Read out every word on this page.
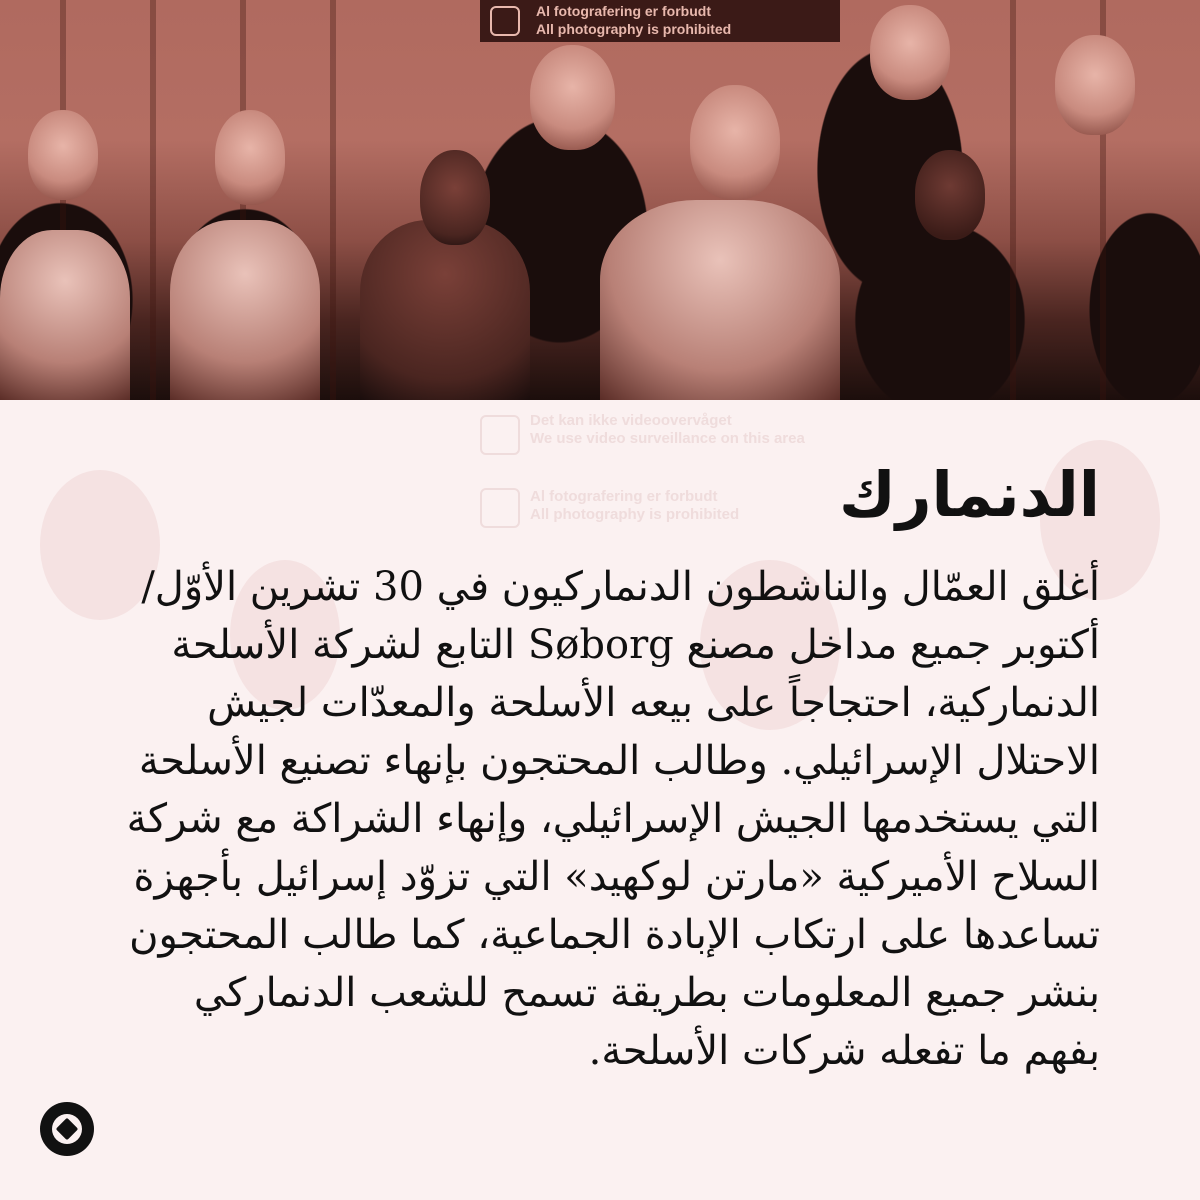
Al fotografering er forbudt
All photography is prohibited
Det kan ikke videoovervåget
We use video surveillance on this area
Al fotografering er forbudt
All photography is prohibited الدنمارك

أغلق العمّال والناشطون الدنماركيون في 30 تشرين الأوّل/أكتوبر جميع مداخل مصنع Søborg التابع لشركة الأسلحة الدنماركية، احتجاجاً على بيعه الأسلحة والمعدّات لجيش الاحتلال الإسرائيلي. وطالب المحتجون بإنهاء تصنيع الأسلحة التي يستخدمها الجيش الإسرائيلي، وإنهاء الشراكة مع شركة السلاح الأميركية «مارتن لوكهيد» التي تزوّد إسرائيل بأجهزة تساعدها على ارتكاب الإبادة الجماعية، كما طالب المحتجون بنشر جميع المعلومات بطريقة تسمح للشعب الدنماركي بفهم ما تفعله شركات الأسلحة.
